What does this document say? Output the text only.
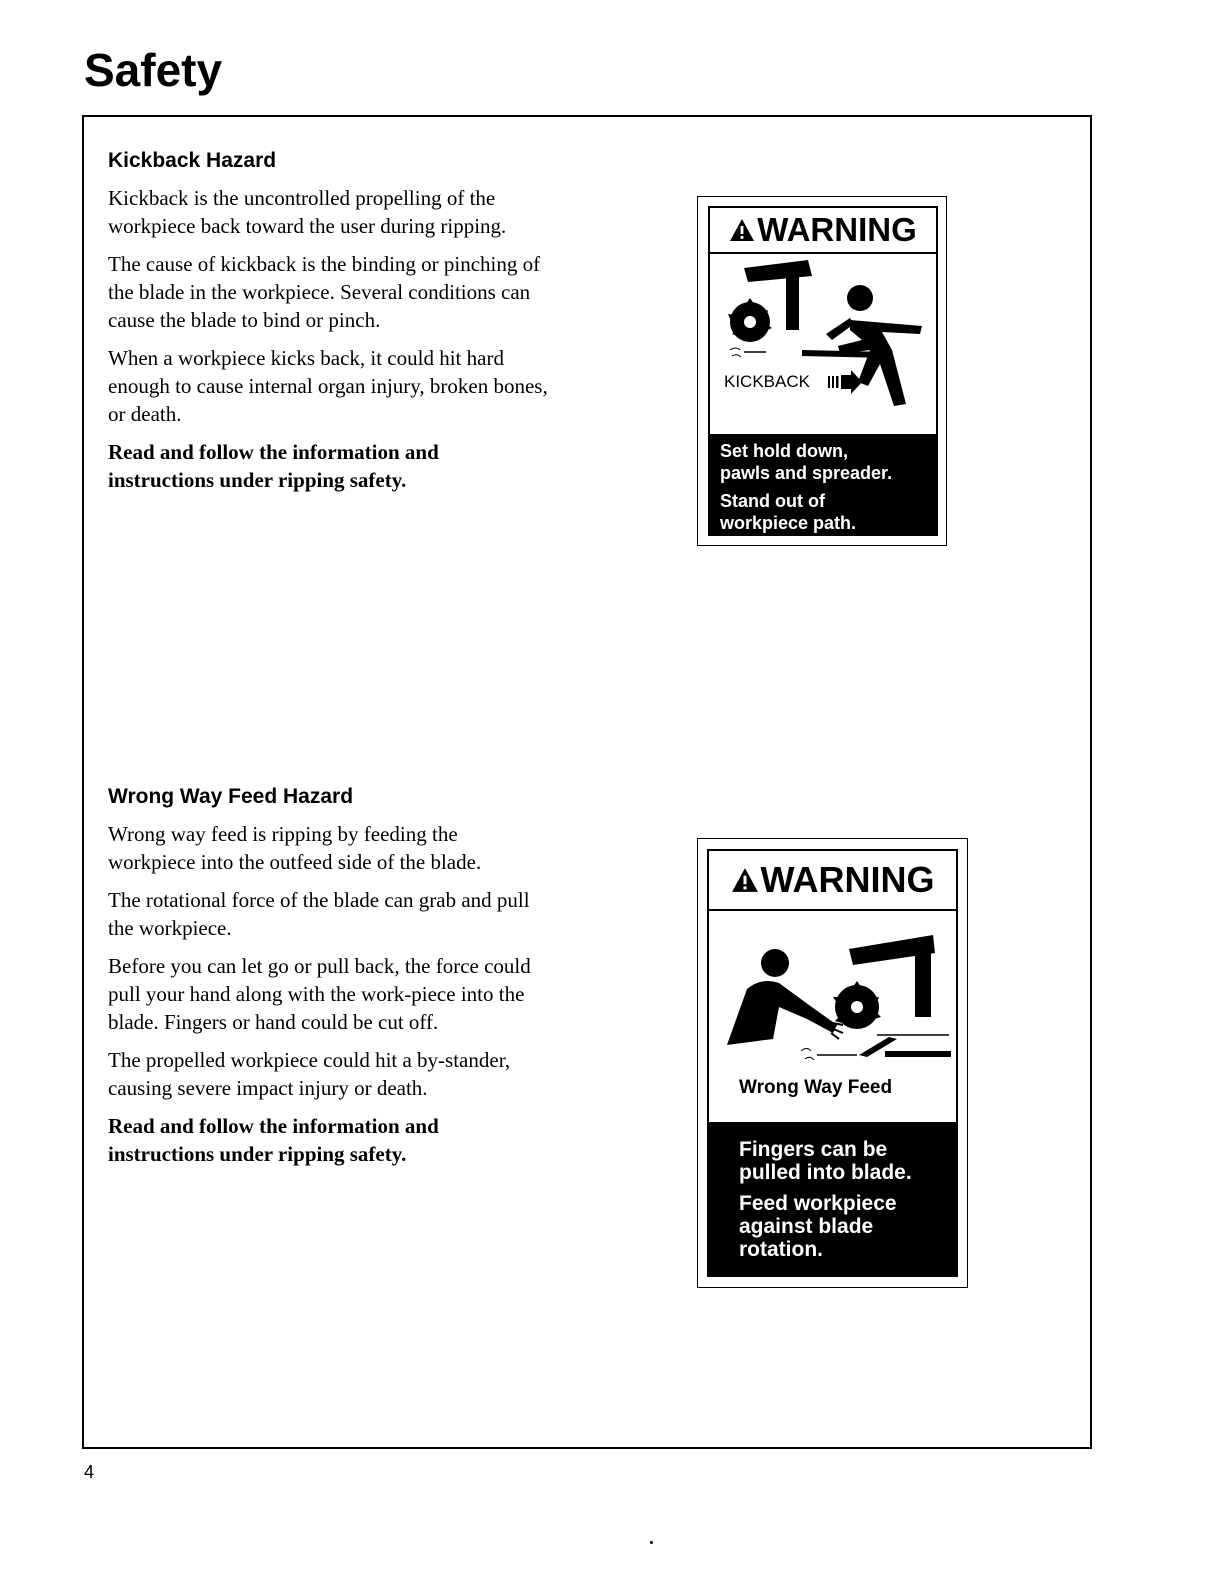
Safety
Kickback Hazard

Kickback is the uncontrolled propelling of the workpiece back toward the user during ripping.

The cause of kickback is the binding or pinching of the blade in the workpiece. Several conditions can cause the blade to bind or pinch.

When a workpiece kicks back, it could hit hard enough to cause internal organ injury, broken bones, or death.

Read and follow the information and instructions under ripping safety.

WARNING
KICKBACK
Set hold down,
pawls and spreader.
Stand out of
workpiece path.
Wrong Way Feed Hazard

Wrong way feed is ripping by feeding the workpiece into the outfeed side of the blade.

The rotational force of the blade can grab and pull the workpiece.

Before you can let go or pull back, the force could pull your hand along with the work-piece into the blade. Fingers or hand could be cut off.

The propelled workpiece could hit a by-stander, causing severe impact injury or death.

Read and follow the information and instructions under ripping safety.

WARNING
Wrong Way Feed
Fingers can be
pulled into blade.
Feed workpiece
against blade
rotation.
4
